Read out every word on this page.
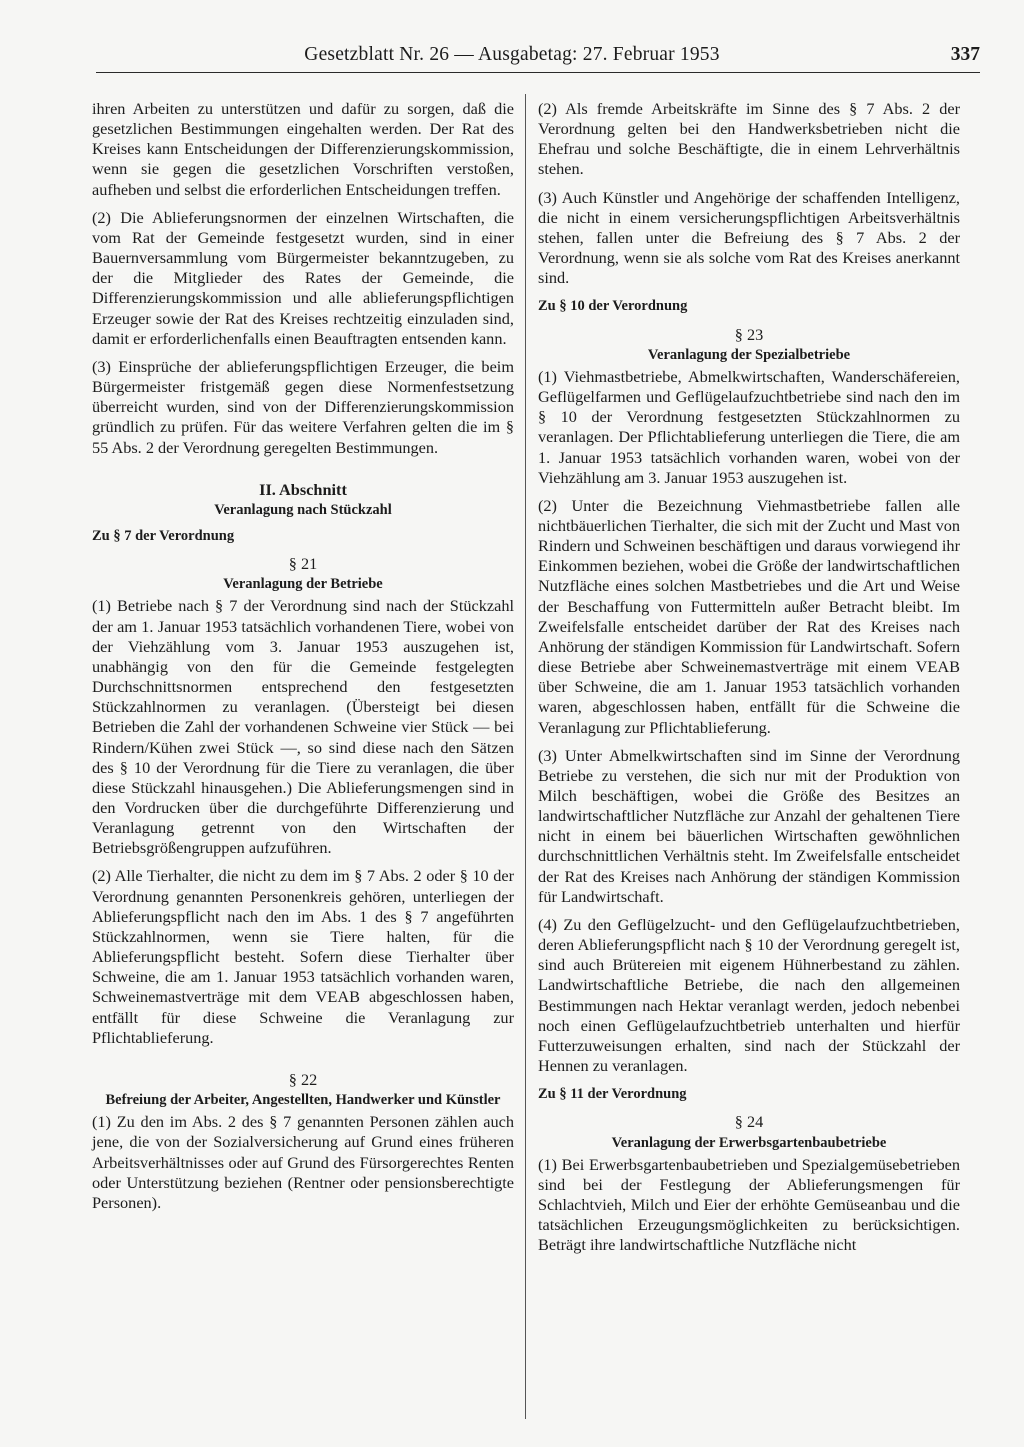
Gesetzblatt Nr. 26 — Ausgabetag: 27. Februar 1953	337

ihren Arbeiten zu unterstützen und dafür zu sorgen, daß die gesetzlichen Bestimmungen eingehalten werden. Der Rat des Kreises kann Entscheidungen der Differenzierungskommission, wenn sie gegen die gesetzlichen Vorschriften verstoßen, aufheben und selbst die erforderlichen Entscheidungen treffen.

(2) Die Ablieferungsnormen der einzelnen Wirtschaften, die vom Rat der Gemeinde festgesetzt wurden, sind in einer Bauernversammlung vom Bürgermeister bekanntzugeben, zu der die Mitglieder des Rates der Gemeinde, die Differenzierungskommission und alle ablieferungspflichtigen Erzeuger sowie der Rat des Kreises rechtzeitig einzuladen sind, damit er erforderlichenfalls einen Beauftragten entsenden kann.

(3) Einsprüche der ablieferungspflichtigen Erzeuger, die beim Bürgermeister fristgemäß gegen diese Normenfestsetzung überreicht wurden, sind von der Differenzierungskommission gründlich zu prüfen. Für das weitere Verfahren gelten die im § 55 Abs. 2 der Verordnung geregelten Bestimmungen.

II. Abschnitt
Veranlagung nach Stückzahl
Zu § 7 der Verordnung
§ 21
Veranlagung der Betriebe

(1) Betriebe nach § 7 der Verordnung sind nach der Stückzahl der am 1. Januar 1953 tatsächlich vorhandenen Tiere, wobei von der Viehzählung vom 3. Januar 1953 auszugehen ist, unabhängig von den für die Gemeinde festgelegten Durchschnittsnormen entsprechend den festgesetzten Stückzahlnormen zu veranlagen. (Übersteigt bei diesen Betrieben die Zahl der vorhandenen Schweine vier Stück — bei Rindern/Kühen zwei Stück —, so sind diese nach den Sätzen des § 10 der Verordnung für die Tiere zu veranlagen, die über diese Stückzahl hinausgehen.) Die Ablieferungsmengen sind in den Vordrucken über die durchgeführte Differenzierung und Veranlagung getrennt von den Wirtschaften der Betriebsgrößengruppen aufzuführen.

(2) Alle Tierhalter, die nicht zu dem im § 7 Abs. 2 oder § 10 der Verordnung genannten Personenkreis gehören, unterliegen der Ablieferungspflicht nach den im Abs. 1 des § 7 angeführten Stückzahlnormen, wenn sie Tiere halten, für die Ablieferungspflicht besteht. Sofern diese Tierhalter über Schweine, die am 1. Januar 1953 tatsächlich vorhanden waren, Schweinemastverträge mit dem VEAB abgeschlossen haben, entfällt für diese Schweine die Veranlagung zur Pflichtablieferung.

§ 22
Befreiung der Arbeiter, Angestellten, Handwerker und Künstler

(1) Zu den im Abs. 2 des § 7 genannten Personen zählen auch jene, die von der Sozialversicherung auf Grund eines früheren Arbeitsverhältnisses oder auf Grund des Fürsorgerechtes Renten oder Unterstützung beziehen (Rentner oder pensionsberechtigte Personen).

(2) Als fremde Arbeitskräfte im Sinne des § 7 Abs. 2 der Verordnung gelten bei den Handwerksbetrieben nicht die Ehefrau und solche Beschäftigte, die in einem Lehrverhältnis stehen.

(3) Auch Künstler und Angehörige der schaffenden Intelligenz, die nicht in einem versicherungspflichtigen Arbeitsverhältnis stehen, fallen unter die Befreiung des § 7 Abs. 2 der Verordnung, wenn sie als solche vom Rat des Kreises anerkannt sind.

Zu § 10 der Verordnung
§ 23
Veranlagung der Spezialbetriebe

(1) Viehmastbetriebe, Abmelkwirtschaften, Wanderschäfereien, Geflügelfarmen und Geflügelaufzuchtbetriebe sind nach den im § 10 der Verordnung festgesetzten Stückzahlnormen zu veranlagen. Der Pflichtablieferung unterliegen die Tiere, die am 1. Januar 1953 tatsächlich vorhanden waren, wobei von der Viehzählung am 3. Januar 1953 auszugehen ist.

(2) Unter die Bezeichnung Viehmastbetriebe fallen alle nichtbäuerlichen Tierhalter, die sich mit der Zucht und Mast von Rindern und Schweinen beschäftigen und daraus vorwiegend ihr Einkommen beziehen, wobei die Größe der landwirtschaftlichen Nutzfläche eines solchen Mastbetriebes und die Art und Weise der Beschaffung von Futtermitteln außer Betracht bleibt. Im Zweifelsfalle entscheidet darüber der Rat des Kreises nach Anhörung der ständigen Kommission für Landwirtschaft. Sofern diese Betriebe aber Schweinemastverträge mit einem VEAB über Schweine, die am 1. Januar 1953 tatsächlich vorhanden waren, abgeschlossen haben, entfällt für die Schweine die Veranlagung zur Pflichtablieferung.

(3) Unter Abmelkwirtschaften sind im Sinne der Verordnung Betriebe zu verstehen, die sich nur mit der Produktion von Milch beschäftigen, wobei die Größe des Besitzes an landwirtschaftlicher Nutzfläche zur Anzahl der gehaltenen Tiere nicht in einem bei bäuerlichen Wirtschaften gewöhnlichen durchschnittlichen Verhältnis steht. Im Zweifelsfalle entscheidet der Rat des Kreises nach Anhörung der ständigen Kommission für Landwirtschaft.

(4) Zu den Geflügelzucht- und den Geflügelaufzuchtbetrieben, deren Ablieferungspflicht nach § 10 der Verordnung geregelt ist, sind auch Brütereien mit eigenem Hühnerbestand zu zählen. Landwirtschaftliche Betriebe, die nach den allgemeinen Bestimmungen nach Hektar veranlagt werden, jedoch nebenbei noch einen Geflügelaufzuchtbetrieb unterhalten und hierfür Futterzuweisungen erhalten, sind nach der Stückzahl der Hennen zu veranlagen.

Zu § 11 der Verordnung
§ 24
Veranlagung der Erwerbsgartenbaubetriebe

(1) Bei Erwerbsgartenbaubetrieben und Spezialgemüsebetrieben sind bei der Festlegung der Ablieferungsmengen für Schlachtvieh, Milch und Eier der erhöhte Gemüseanbau und die tatsächlichen Erzeugungsmöglichkeiten zu berücksichtigen. Beträgt ihre landwirtschaftliche Nutzfläche nicht
